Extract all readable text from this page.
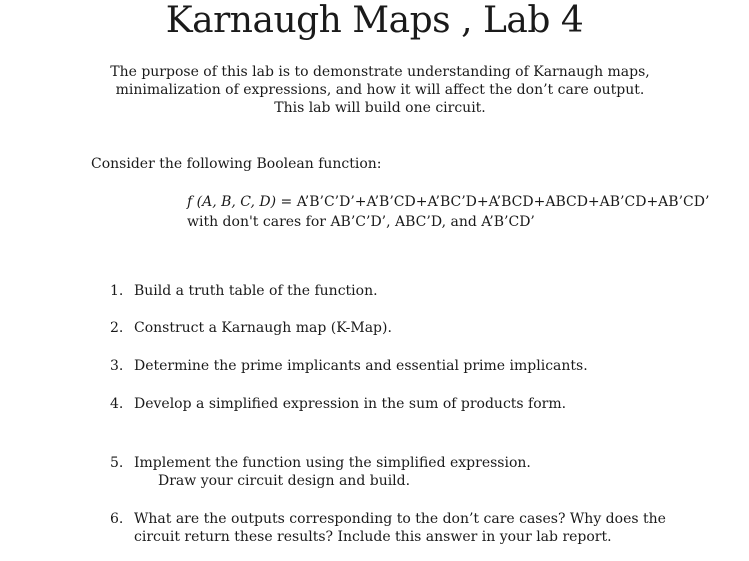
Karnaugh Maps , Lab 4

The purpose of this lab is to demonstrate understanding of Karnaugh maps,

minimalization of expressions, and how it will affect the don’t care output.

This lab will build one circuit.

Consider the following Boolean function:

f (A, B, C, D) = A’B’C’D’+A’B’CD+A’BC’D+A’BCD+ABCD+AB’CD+AB’CD’

with don't cares for AB’C’D’, ABC’D, and A’B’CD’

1. Build a truth table of the function.
2. Construct a Karnaugh map (K-Map).
3. Determine the prime implicants and essential prime implicants.
4. Develop a simplified expression in the sum of products form.
5. Implement the function using the simplified expression.
Draw your circuit design and build.
6. What are the outputs corresponding to the don’t care cases? Why does the
circuit return these results? Include this answer in your lab report.
